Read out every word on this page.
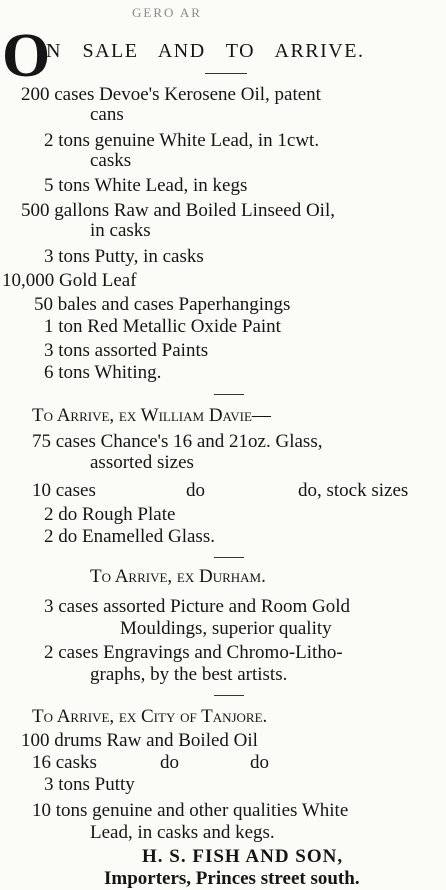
GERO AR
O
N SALE AND TO ARRIVE.
200 cases Devoe's Kerosene Oil, patent
cans
2 tons genuine White Lead, in 1cwt.
casks
5 tons White Lead, in kegs
500 gallons Raw and Boiled Linseed Oil,
in casks
3 tons Putty, in casks
10,000 Gold Leaf
50 bales and cases Paperhangings
1 ton Red Metallic Oxide Paint
3 tons assorted Paints
6 tons Whiting.
To Arrive, ex William Davie—
75 cases Chance's 16 and 21oz. Glass,
assorted sizes
10 cases	do	do, stock sizes
2 do Rough Plate
2 do Enamelled Glass.
To Arrive, ex Durham.
3 cases assorted Picture and Room Gold
Mouldings, superior quality
2 cases Engravings and Chromo-Litho-
graphs, by the best artists.
To Arrive, ex City of Tanjore.
100 drums Raw and Boiled Oil
16 casks	do	do
3 tons Putty
10 tons genuine and other qualities White
Lead, in casks and kegs.
H. S. FISH AND SON,
Importers, Princes street south.
